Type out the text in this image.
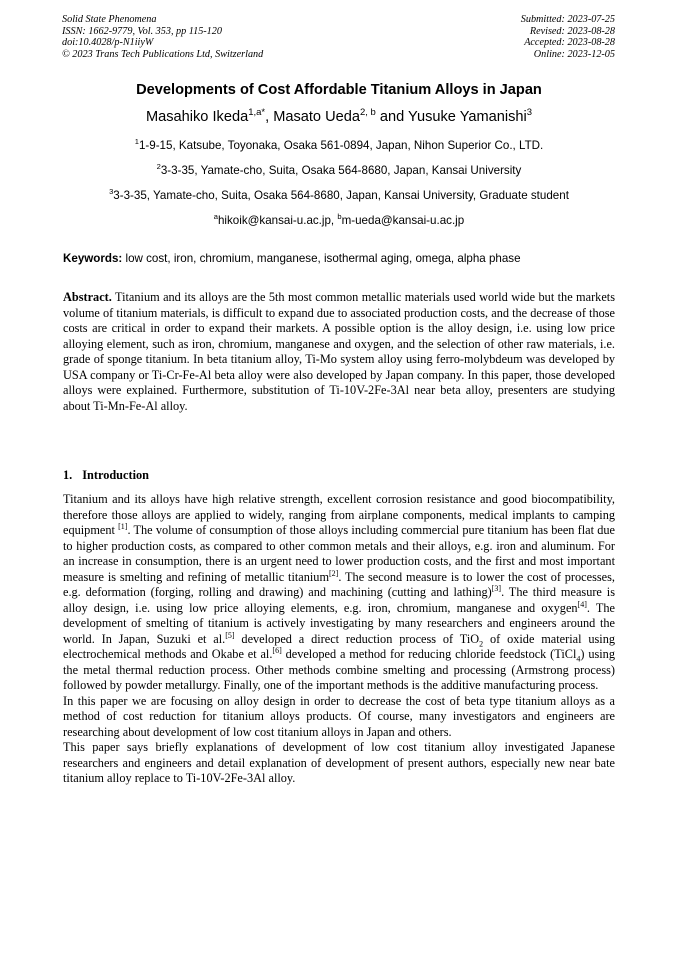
Solid State Phenomena
ISSN: 1662-9779, Vol. 353, pp 115-120
doi:10.4028/p-N1iiyW
© 2023 Trans Tech Publications Ltd, Switzerland
Submitted: 2023-07-25
Revised: 2023-08-28
Accepted: 2023-08-28
Online: 2023-12-05
Developments of Cost Affordable Titanium Alloys in Japan
Masahiko Ikeda$^{1,a*}$, Masato Ueda$^{2, b}$ and Yusuke Yamanishi$^3$
$^1$1-9-15, Katsube, Toyonaka, Osaka 561-0894, Japan, Nihon Superior Co., LTD.
$^2$3-3-35, Yamate-cho, Suita, Osaka 564-8680, Japan, Kansai University
$^3$3-3-35, Yamate-cho, Suita, Osaka 564-8680, Japan, Kansai University, Graduate student
$^a$hikoik@kansai-u.ac.jp, $^b$m-ueda@kansai-u.ac.jp
Keywords: low cost, iron, chromium, manganese, isothermal aging, omega, alpha phase

Abstract. Titanium and its alloys are the 5th most common metallic materials used world wide but the markets volume of titanium materials, is difficult to expand due to associated production costs, and the decrease of those costs are critical in order to expand their markets. A possible option is the alloy design, i.e. using low price alloying element, such as iron, chromium, manganese and oxygen, and the selection of other raw materials, i.e. grade of sponge titanium. In beta titanium alloy, Ti-Mo system alloy using ferro-molybdeum was developed by USA company or Ti-Cr-Fe-Al beta alloy were also developed by Japan company. In this paper, those developed alloys were explained. Furthermore, substitution of Ti-10V-2Fe-3Al near beta alloy, presenters are studying about Ti-Mn-Fe-Al alloy.

1. Introduction

Titanium and its alloys have high relative strength, excellent corrosion resistance and good biocompatibility, therefore those alloys are applied to widely, ranging from airplane components, medical implants to camping equipment [1]. The volume of consumption of those alloys including commercial pure titanium has been flat due to higher production costs, as compared to other common metals and their alloys, e.g. iron and aluminum. For an increase in consumption, there is an urgent need to lower production costs, and the first and most important measure is smelting and refining of metallic titanium[2]. The second measure is to lower the cost of processes, e.g. deformation (forging, rolling and drawing) and machining (cutting and lathing)[3]. The third measure is alloy design, i.e. using low price alloying elements, e.g. iron, chromium, manganese and oxygen[4]. The development of smelting of titanium is actively investigating by many researchers and engineers around the world. In Japan, Suzuki et al.[5] developed a direct reduction process of TiO$_2$ of oxide material using electrochemical methods and Okabe et al.[6] developed a method for reducing chloride feedstock (TiCl$_4$) using the metal thermal reduction process. Other methods combine smelting and processing (Armstrong process) followed by powder metallurgy. Finally, one of the important methods is the additive manufacturing process.

In this paper we are focusing on alloy design in order to decrease the cost of beta type titanium alloys as a method of cost reduction for titanium alloys products. Of course, many investigators and engineers are researching about development of low cost titanium alloys in Japan and others.

This paper says briefly explanations of development of low cost titanium alloy investigated Japanese researchers and engineers and detail explanation of development of present authors, especially new near bate titanium alloy replace to Ti-10V-2Fe-3Al alloy.
